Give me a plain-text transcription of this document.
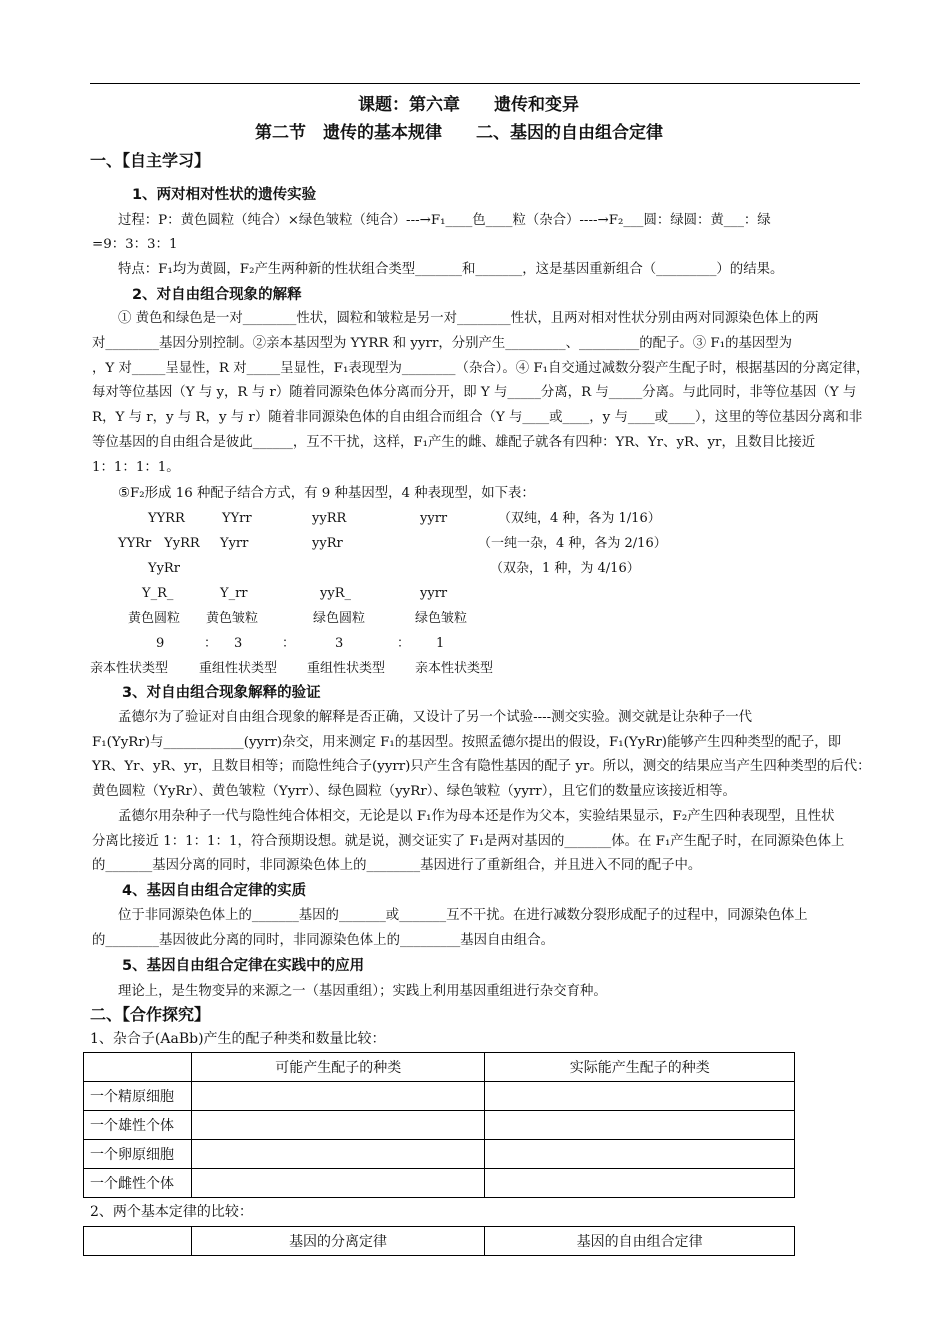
课题：第六章　　遗传和变异
第二节　遗传的基本规律　　二、基因的自由组合定律
一、【自主学习】
1、两对相对性状的遗传实验
过程：P：黄色圆粒（纯合）×绿色皱粒（纯合）---→F₁____色____粒（杂合）----→F₂___圆：绿圆：黄___：绿
=9：3：3：1
特点：F₁均为黄圆，F₂产生两种新的性状组合类型_______和_______，这是基因重新组合（_________）的结果。
2、对自由组合现象的解释
① 黄色和绿色是一对________性状，圆粒和皱粒是另一对________性状，且两对相对性状分别由两对同源染色体上的两
对________基因分别控制。②亲本基因型为 YYRR 和 yyrr，分别产生_________、_________的配子。③ F₁的基因型为
，Y 对_____呈显性，R 对_____呈显性，F₁表现型为________（杂合）。④ F₁自交通过减数分裂产生配子时，根据基因的分离定律，
每对等位基因（Y 与 y，R 与 r）随着同源染色体分离而分开，即 Y 与_____分离，R 与_____分离。与此同时，非等位基因（Y 与
R，Y 与 r，y 与 R，y 与 r）随着非同源染色体的自由组合而组合（Y 与____或____，y 与____或____），这里的等位基因分离和非
等位基因的自由组合是彼此______，互不干扰，这样，F₁产生的雌、雄配子就各有四种：YR、Yr、yR、yr，且数目比接近
1：1：1：1。
⑤F₂形成 16 种配子结合方式，有 9 种基因型，4 种表现型，如下表：
YYRR	YYrr	yyRR	yyrr	（双纯，4 种，各为 1/16）
YYRr　YyRR Yyrr	yyRr	（一纯一杂，4 种，各为 2/16）
YyRr	（双杂，1 种，为 4/16）
Y_R_	Y_rr	yyR_	yyrr
黄色圆粒 黄色皱粒	绿色圆粒	绿色皱粒
9	： 3	：	3	： 1
亲本性状类型 重组性状类型 重组性状类型 亲本性状类型
3、对自由组合现象解释的验证
孟德尔为了验证对自由组合现象的解释是否正确，又设计了另一个试验----测交实验。测交就是让杂种子一代
F₁(YyRr)与____________(yyrr)杂交，用来测定 F₁的基因型。按照孟德尔提出的假设，F₁(YyRr)能够产生四种类型的配子，即
YR、Yr、yR、yr，且数目相等；而隐性纯合子(yyrr)只产生含有隐性基因的配子 yr。所以，测交的结果应当产生四种类型的后代：
黄色圆粒（YyRr）、黄色皱粒（Yyrr）、绿色圆粒（yyRr）、绿色皱粒（yyrr），且它们的数量应该接近相等。
孟德尔用杂种子一代与隐性纯合体相交，无论是以 F₁作为母本还是作为父本，实验结果显示，F₂产生四种表现型，且性状
分离比接近 1：1：1：1，符合预期设想。就是说，测交证实了 F₁是两对基因的_______体。在 F₁产生配子时，在同源染色体上
的_______基因分离的同时，非同源染色体上的________基因进行了重新组合，并且进入不同的配子中。
4、基因自由组合定律的实质
位于非同源染色体上的_______基因的_______或_______互不干扰。在进行减数分裂形成配子的过程中，同源染色体上
的________基因彼此分离的同时，非同源染色体上的_________基因自由组合。
5、基因自由组合定律在实践中的应用
理论上，是生物变异的来源之一（基因重组）；实践上利用基因重组进行杂交育种。
二、【合作探究】
1、杂合子(AaBb)产生的配子种类和数量比较：
	可能产生配子的种类	实际能产生配子的种类
一个精原细胞		
一个雄性个体		
一个卵原细胞		
一个雌性个体		
2、两个基本定律的比较：
	基因的分离定律	基因的自由组合定律
